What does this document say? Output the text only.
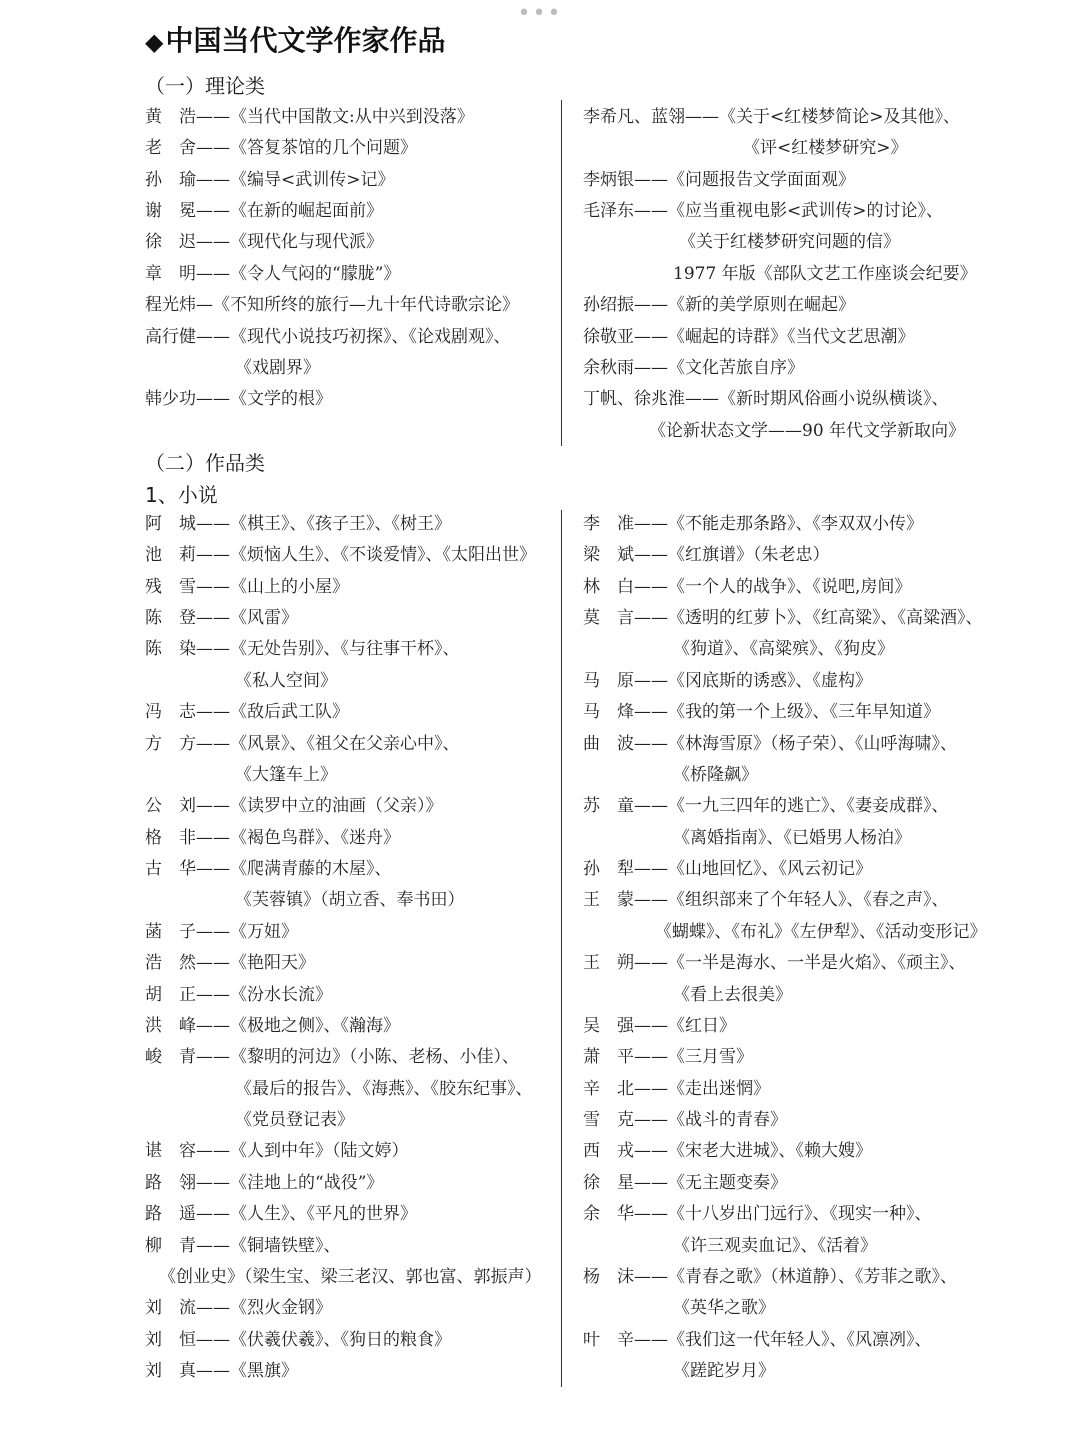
•••
◆中国当代文学作家作品
（一）理论类
（二）作品类
1、小说
黄　浩——《当代中国散文:从中兴到没落》
老　舍——《答复茶馆的几个问题》
孙　瑜——《编导<武训传>记》
谢　冕——《在新的崛起面前》
徐　迟——《现代化与现代派》
章　明——《令人气闷的“朦胧”》
程光炜—《不知所终的旅行—九十年代诗歌宗论》
高行健——《现代小说技巧初探》、《论戏剧观》、
《戏剧界》
韩少功——《文学的根》
李希凡、蓝翎——《关于<红楼梦简论>及其他》、
《评<红楼梦研究>》
李炳银——《问题报告文学面面观》
毛泽东——《应当重视电影<武训传>的讨论》、
《关于红楼梦研究问题的信》
1977 年版《部队文艺工作座谈会纪要》
孙绍振——《新的美学原则在崛起》
徐敬亚——《崛起的诗群》《当代文艺思潮》
余秋雨——《文化苦旅自序》
丁帆、徐兆淮——《新时期风俗画小说纵横谈》、
《论新状态文学——90 年代文学新取向》
阿　城——《棋王》、《孩子王》、《树王》
池　莉——《烦恼人生》、《不谈爱情》、《太阳出世》
残　雪——《山上的小屋》
陈　登——《风雷》
陈　染——《无处告别》、《与往事干杯》、
《私人空间》
冯　志——《敌后武工队》
方　方——《风景》、《祖父在父亲心中》、
《大篷车上》
公　刘——《读罗中立的油画（父亲）》
格　非——《褐色鸟群》、《迷舟》
古　华——《爬满青藤的木屋》、
《芙蓉镇》（胡立香、奉书田）
菡　子——《万妞》
浩　然——《艳阳天》
胡　正——《汾水长流》
洪　峰——《极地之侧》、《瀚海》
峻　青——《黎明的河边》（小陈、老杨、小佳）、
《最后的报告》、《海燕》、《胶东纪事》、
《党员登记表》
谌　容——《人到中年》（陆文婷）
路　翎——《洼地上的“战役”》
路　遥——《人生》、《平凡的世界》
柳　青——《铜墙铁壁》、
《创业史》（梁生宝、梁三老汉、郭也富、郭振声）
刘　流——《烈火金钢》
刘　恒——《伏羲伏羲》、《狗日的粮食》
刘　真——《黑旗》
李　准——《不能走那条路》、《李双双小传》
梁　斌——《红旗谱》（朱老忠）
林　白——《一个人的战争》、《说吧,房间》
莫　言——《透明的红萝卜》、《红高粱》、《高粱酒》、
《狗道》、《高粱殡》、《狗皮》
马　原——《冈底斯的诱惑》、《虚构》
马　烽——《我的第一个上级》、《三年早知道》
曲　波——《林海雪原》（杨子荣）、《山呼海啸》、
《桥隆飙》
苏　童——《一九三四年的逃亡》、《妻妾成群》、
《离婚指南》、《已婚男人杨泊》
孙　犁——《山地回忆》、《风云初记》
王　蒙——《组织部来了个年轻人》、《春之声》、
《蝴蝶》、《布礼》《左伊犁》、《活动变形记》
王　朔——《一半是海水、一半是火焰》、《顽主》、
《看上去很美》
吴　强——《红日》
萧　平——《三月雪》
辛　北——《走出迷惘》
雪　克——《战斗的青春》
西　戎——《宋老大进城》、《赖大嫂》
徐　星——《无主题变奏》
余　华——《十八岁出门远行》、《现实一种》、
《许三观卖血记》、《活着》
杨　沫——《青春之歌》（林道静）、《芳菲之歌》、
《英华之歌》
叶　辛——《我们这一代年轻人》、《风凛冽》、
《蹉跎岁月》
